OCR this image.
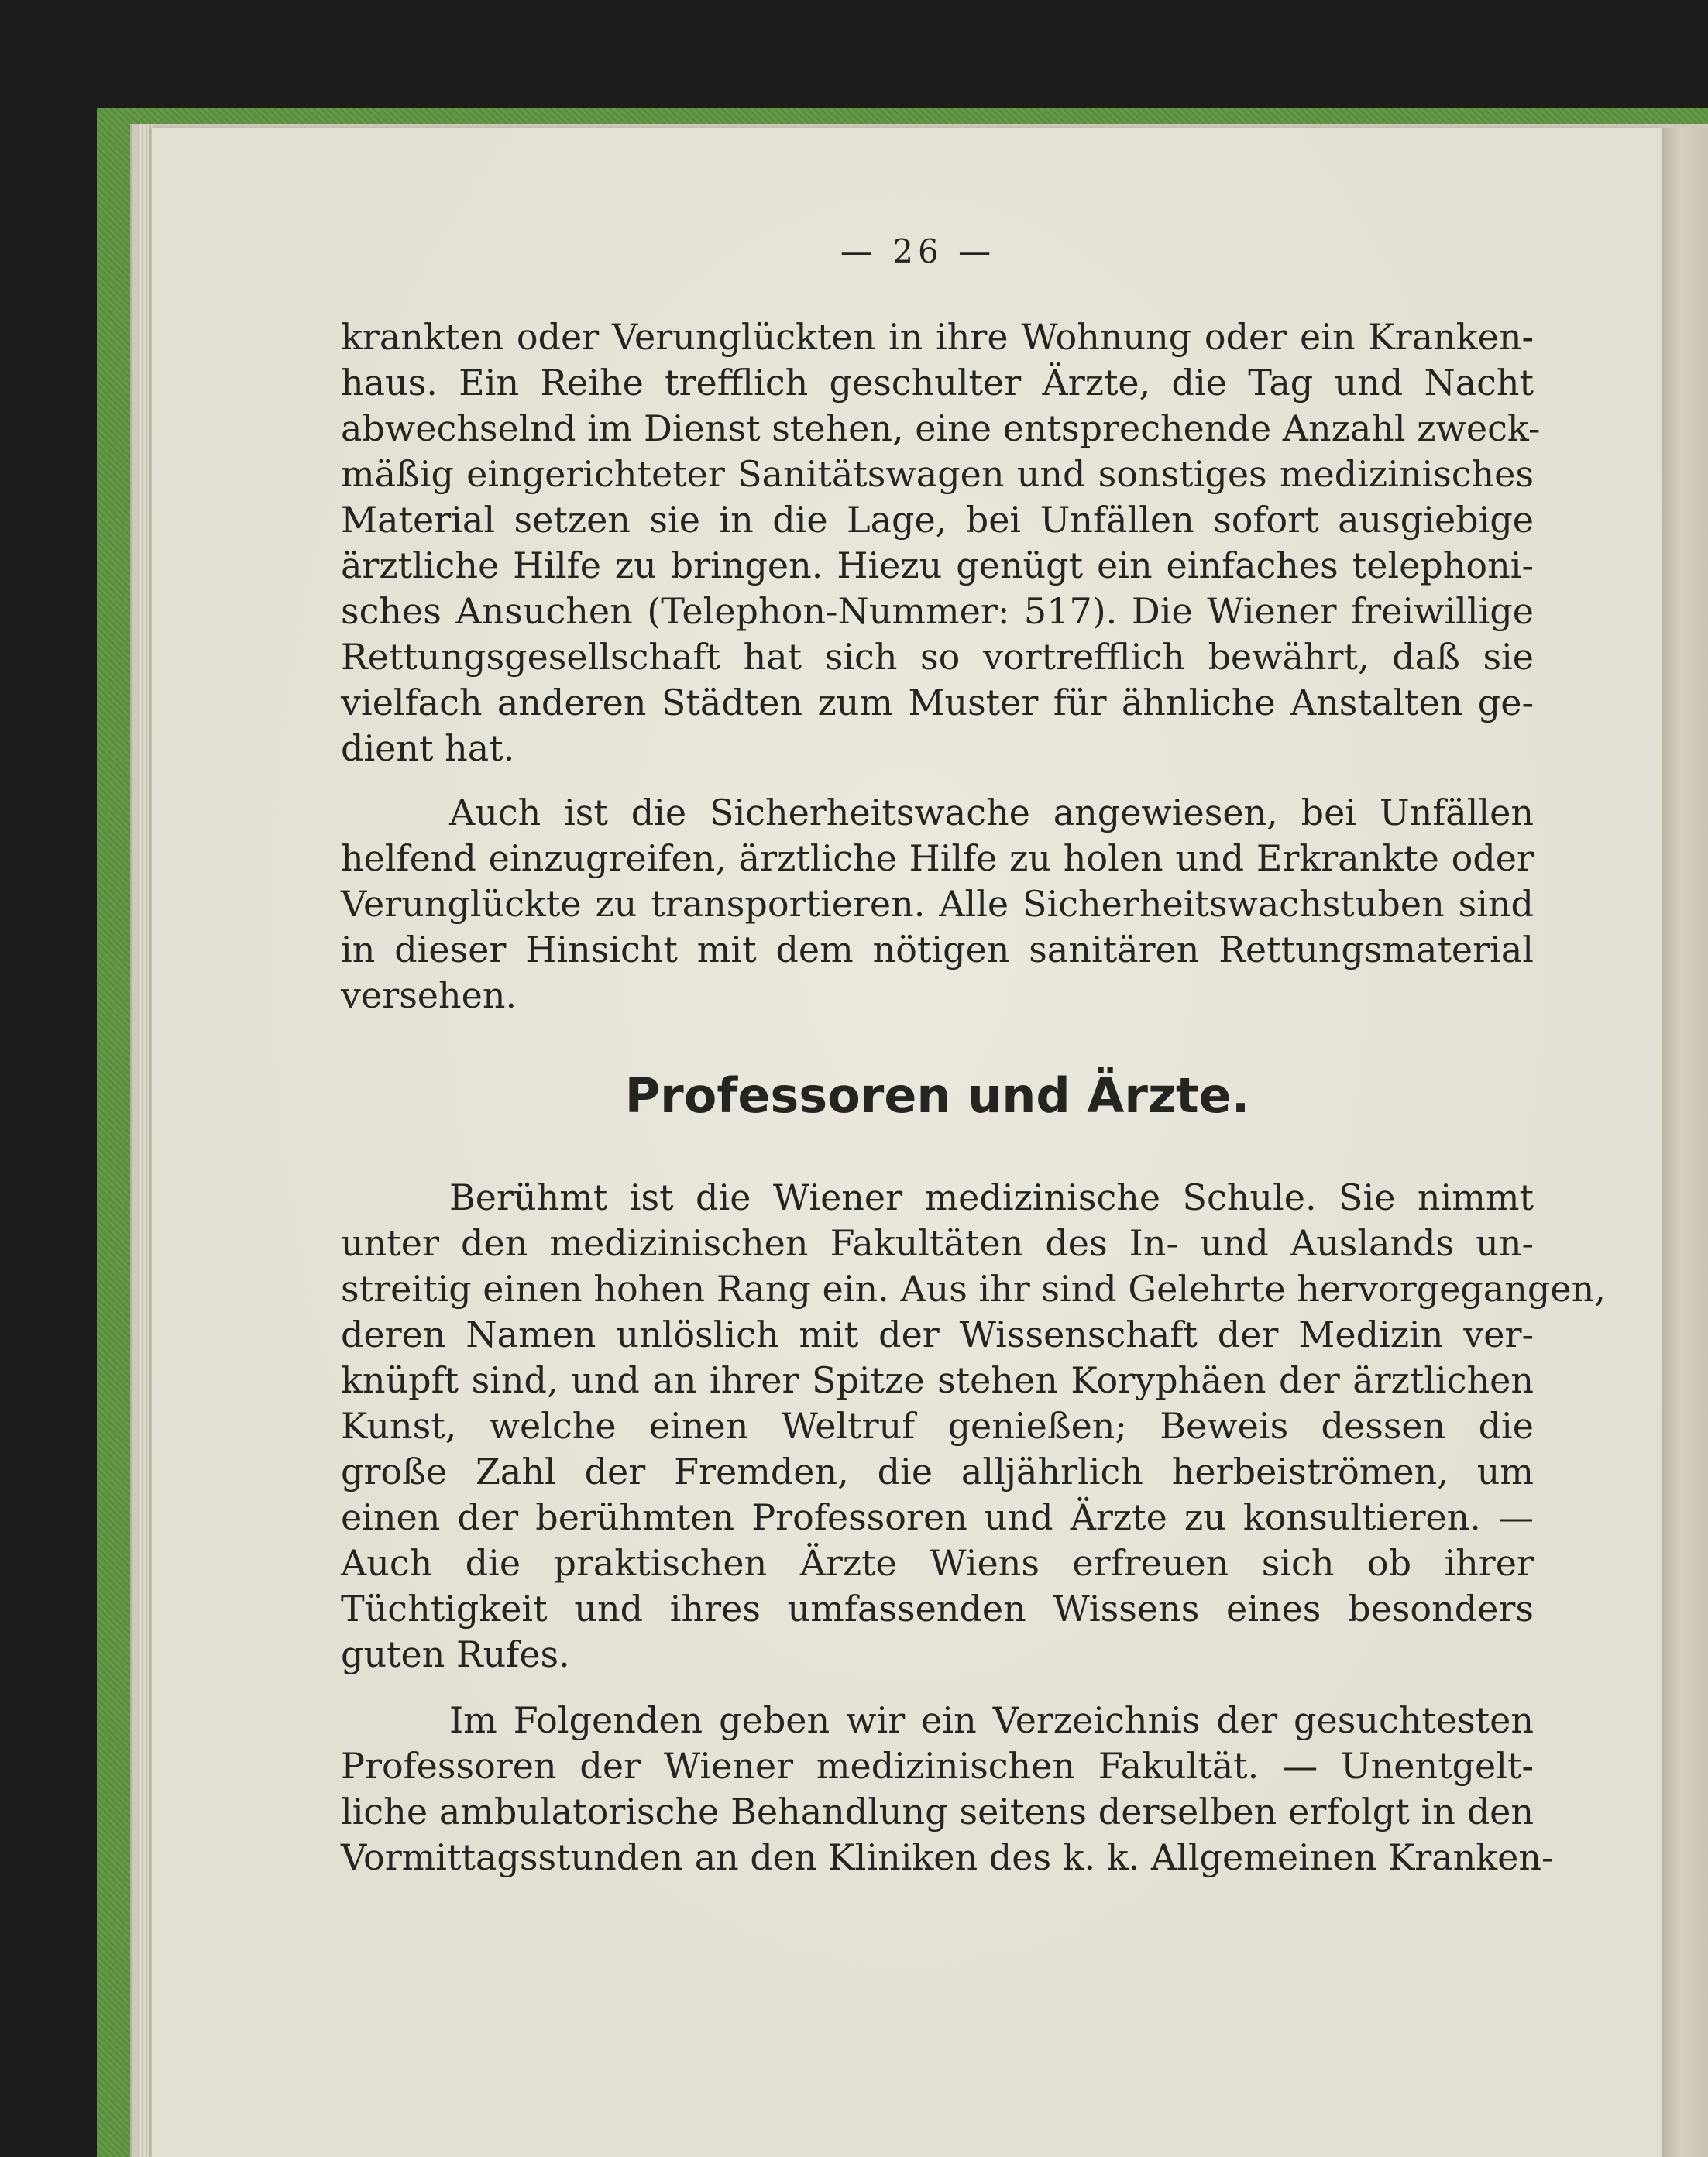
— 26 —
krankten oder Verunglückten in ihre Wohnung oder ein Kranken-
haus. Ein Reihe trefflich geschulter Ärzte, die Tag und Nacht
abwechselnd im Dienst stehen, eine entsprechende Anzahl zweck-
mäßig eingerichteter Sanitätswagen und sonstiges medizinisches
Material setzen sie in die Lage, bei Unfällen sofort ausgiebige
ärztliche Hilfe zu bringen. Hiezu genügt ein einfaches telephoni-
sches Ansuchen (Telephon-Nummer: 517). Die Wiener freiwillige
Rettungsgesellschaft hat sich so vortrefflich bewährt, daß sie
vielfach anderen Städten zum Muster für ähnliche Anstalten ge-
dient hat.
Auch ist die Sicherheitswache angewiesen, bei Unfällen
helfend einzugreifen, ärztliche Hilfe zu holen und Erkrankte oder
Verunglückte zu transportieren. Alle Sicherheitswachstuben sind
in dieser Hinsicht mit dem nötigen sanitären Rettungsmaterial
versehen.
Professoren und Ärzte.
Berühmt ist die Wiener medizinische Schule. Sie nimmt
unter den medizinischen Fakultäten des In- und Auslands un-
streitig einen hohen Rang ein. Aus ihr sind Gelehrte hervorgegangen,
deren Namen unlöslich mit der Wissenschaft der Medizin ver-
knüpft sind, und an ihrer Spitze stehen Koryphäen der ärztlichen
Kunst, welche einen Weltruf genießen; Beweis dessen die
große Zahl der Fremden, die alljährlich herbeiströmen, um
einen der berühmten Professoren und Ärzte zu konsultieren. —
Auch die praktischen Ärzte Wiens erfreuen sich ob ihrer
Tüchtigkeit und ihres umfassenden Wissens eines besonders
guten Rufes.
Im Folgenden geben wir ein Verzeichnis der gesuchtesten
Professoren der Wiener medizinischen Fakultät. — Unentgelt-
liche ambulatorische Behandlung seitens derselben erfolgt in den
Vormittagsstunden an den Kliniken des k. k. Allgemeinen Kranken-
